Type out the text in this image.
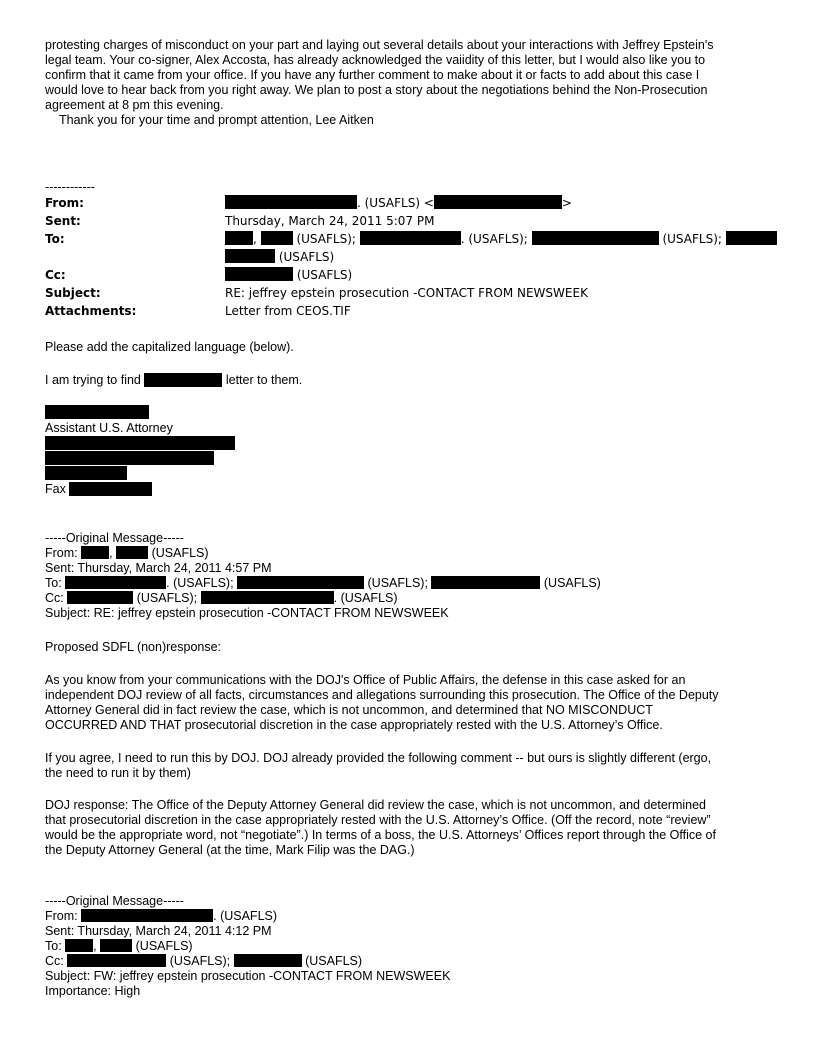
protesting charges of misconduct on your part and laying out several details about your interactions with Jeffrey Epstein's
legal team. Your co-signer, Alex Accosta, has already acknowledged the vaiidity of this letter, but I would also like you to
confirm that it came from your office. If you have any further comment to make about it or facts to add about this case I
would love to hear back from you right away. We plan to post a story about the negotiations behind the Non-Prosecution
agreement at 8 pm this evening.
Thank you for your time and prompt attention, Lee Aitken
------------
From:	. (USAFLS) <	>
Sent:	Thursday, March 24, 2011 5:07 PM
To:	,	(USAFLS);	. (USAFLS);	(USAFLS);
(USAFLS)
Cc:	(USAFLS)
Subject:	RE: jeffrey epstein prosecution -CONTACT FROM NEWSWEEK
Attachments:	Letter from CEOS.TIF
Please add the capitalized language (below).
I am trying to find	letter to them.
Assistant U.S. Attorney
Fax
-----Original Message-----
From:	,	(USAFLS)
Sent: Thursday, March 24, 2011 4:57 PM
To:	. (USAFLS);	(USAFLS);	(USAFLS)
Cc:	(USAFLS);	. (USAFLS)
Subject: RE: jeffrey epstein prosecution -CONTACT FROM NEWSWEEK
Proposed SDFL (non)response:
As you know from your communications with the DOJ's Office of Public Affairs, the defense in this case asked for an
independent DOJ review of all facts, circumstances and allegations surrounding this prosecution. The Office of the Deputy
Attorney General did in fact review the case, which is not uncommon, and determined that NO MISCONDUCT
OCCURRED AND THAT prosecutorial discretion in the case appropriately rested with the U.S. Attorney’s Office.
If you agree, I need to run this by DOJ. DOJ already provided the following comment -- but ours is slightly different (ergo,
the need to run it by them)
DOJ response: The Office of the Deputy Attorney General did review the case, which is not uncommon, and determined
that prosecutorial discretion in the case appropriately rested with the U.S. Attorney’s Office. (Off the record, note “review”
would be the appropriate word, not “negotiate”.) In terms of a boss, the U.S. Attorneys’ Offices report through the Office of
the Deputy Attorney General (at the time, Mark Filip was the DAG.)
-----Original Message-----
From:	. (USAFLS)
Sent: Thursday, March 24, 2011 4:12 PM
To:	,	(USAFLS)
Cc:	(USAFLS);	(USAFLS)
Subject: FW: jeffrey epstein prosecution -CONTACT FROM NEWSWEEK
Importance: High
